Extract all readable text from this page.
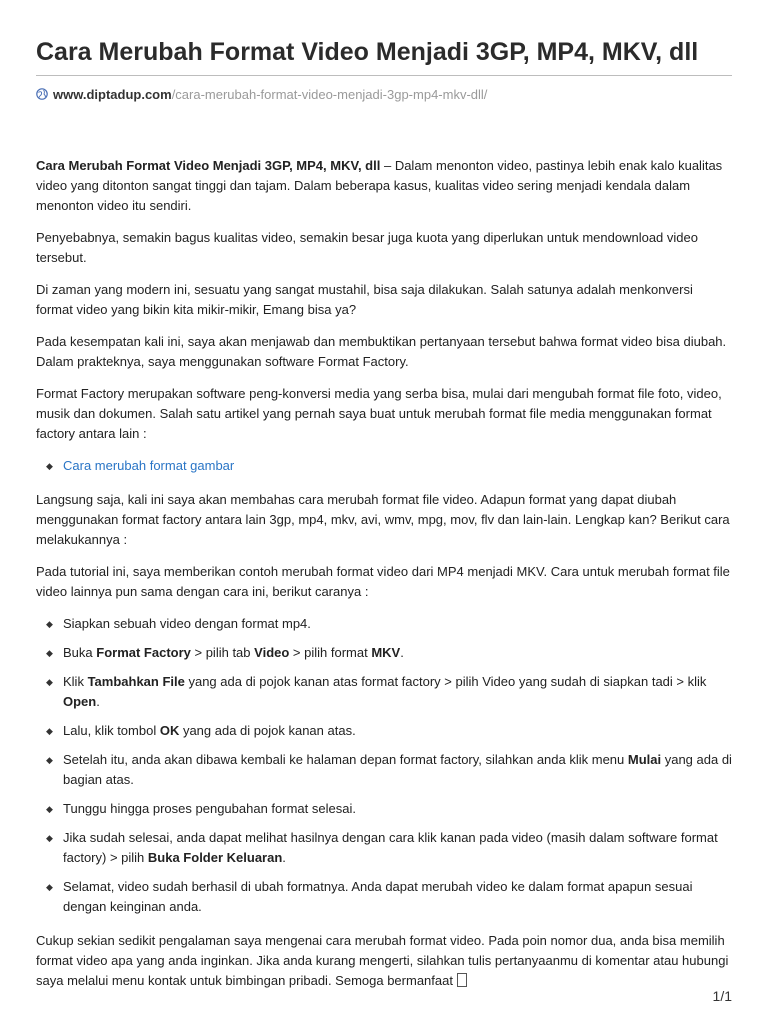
Cara Merubah Format Video Menjadi 3GP, MP4, MKV, dll
www.diptadup.com/cara-merubah-format-video-menjadi-3gp-mp4-mkv-dll/

Cara Merubah Format Video Menjadi 3GP, MP4, MKV, dll – Dalam menonton video, pastinya lebih enak kalo kualitas video yang ditonton sangat tinggi dan tajam. Dalam beberapa kasus, kualitas video sering menjadi kendala dalam menonton video itu sendiri.

Penyebabnya, semakin bagus kualitas video, semakin besar juga kuota yang diperlukan untuk mendownload video tersebut.

Di zaman yang modern ini, sesuatu yang sangat mustahil, bisa saja dilakukan. Salah satunya adalah menkonversi format video yang bikin kita mikir-mikir, Emang bisa ya?

Pada kesempatan kali ini, saya akan menjawab dan membuktikan pertanyaan tersebut bahwa format video bisa diubah. Dalam prakteknya, saya menggunakan software Format Factory.

Format Factory merupakan software peng-konversi media yang serba bisa, mulai dari mengubah format file foto, video, musik dan dokumen. Salah satu artikel yang pernah saya buat untuk merubah format file media menggunakan format factory antara lain :

◆ Cara merubah format gambar

Langsung saja, kali ini saya akan membahas cara merubah format file video. Adapun format yang dapat diubah menggunakan format factory antara lain 3gp, mp4, mkv, avi, wmv, mpg, mov, flv dan lain-lain. Lengkap kan? Berikut cara melakukannya :

Pada tutorial ini, saya memberikan contoh merubah format video dari MP4 menjadi MKV. Cara untuk merubah format file video lainnya pun sama dengan cara ini, berikut caranya :

◆ Siapkan sebuah video dengan format mp4.
◆ Buka Format Factory > pilih tab Video > pilih format MKV.
◆ Klik Tambahkan File yang ada di pojok kanan atas format factory > pilih Video yang sudah di siapkan tadi > klik Open.
◆ Lalu, klik tombol OK yang ada di pojok kanan atas.
◆ Setelah itu, anda akan dibawa kembali ke halaman depan format factory, silahkan anda klik menu Mulai yang ada di bagian atas.
◆ Tunggu hingga proses pengubahan format selesai.
◆ Jika sudah selesai, anda dapat melihat hasilnya dengan cara klik kanan pada video (masih dalam software format factory) > pilih Buka Folder Keluaran.
◆ Selamat, video sudah berhasil di ubah formatnya. Anda dapat merubah video ke dalam format apapun sesuai dengan keinginan anda.

Cukup sekian sedikit pengalaman saya mengenai cara merubah format video. Pada poin nomor dua, anda bisa memilih format video apa yang anda inginkan. Jika anda kurang mengerti, silahkan tulis pertanyaanmu di komentar atau hubungi saya melalui menu kontak untuk bimbingan pribadi. Semoga bermanfaat

1/1
